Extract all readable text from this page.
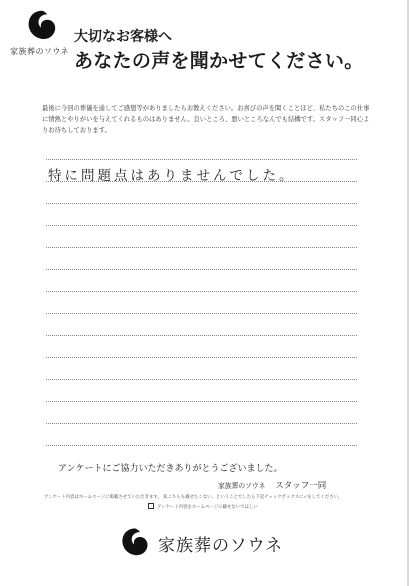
家族葬のソウネ
大切なお客様へ
あなたの声を聞かせてください。
最後に今回の葬儀を通してご感想等がありましたらお教えください。お喜びの声を聞くことほど、私たちのこの仕事に情熱とやりがいを与えてくれるものはありません。良いところ、悪いところなんでも結構です。スタッフ一同心よりお待ちしております。
特に問題点はありませんでした。
アンケートにご協力いただきありがとうございました。
家族葬のソウネ スタッフ一同
アンケート内容はホームページに掲載させていただきます。 私こちらも載せたくない、ということでしたら下記チェックボックスに✓をしてください。
アンケート内容をホームページに載せないでほしい
家族葬のソウネ
